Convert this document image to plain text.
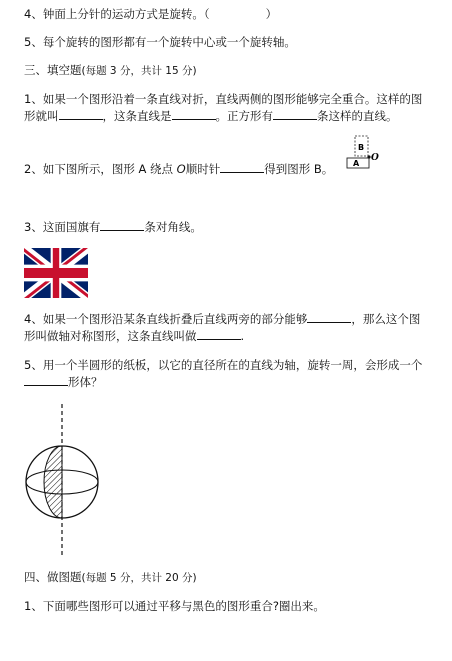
4、钟面上分针的运动方式是旋转。（	）
5、每个旋转的图形都有一个旋转中心或一个旋转轴。
三、填空题(每题 3 分，共计 15 分)
1、如果一个图形沿着一条直线对折，直线两侧的图形能够完全重合。这样的图
形就叫	，这条直线是	。正方形有	条这样的直线。
2、如下图所示，图形 A 绕点 O顺时针	得到图形 B。
B
A
O
3、这面国旗有	条对角线。
4、如果一个图形沿某条直线折叠后直线两旁的部分能够	，那么这个图
形叫做轴对称图形，这条直线叫做	.
5、用一个半圆形的纸板，以它的直径所在的直线为轴，旋转一周，会形成一个
形体？
四、做图题(每题 5 分，共计 20 分)
1、下面哪些图形可以通过平移与黑色的图形重合?圈出来。
